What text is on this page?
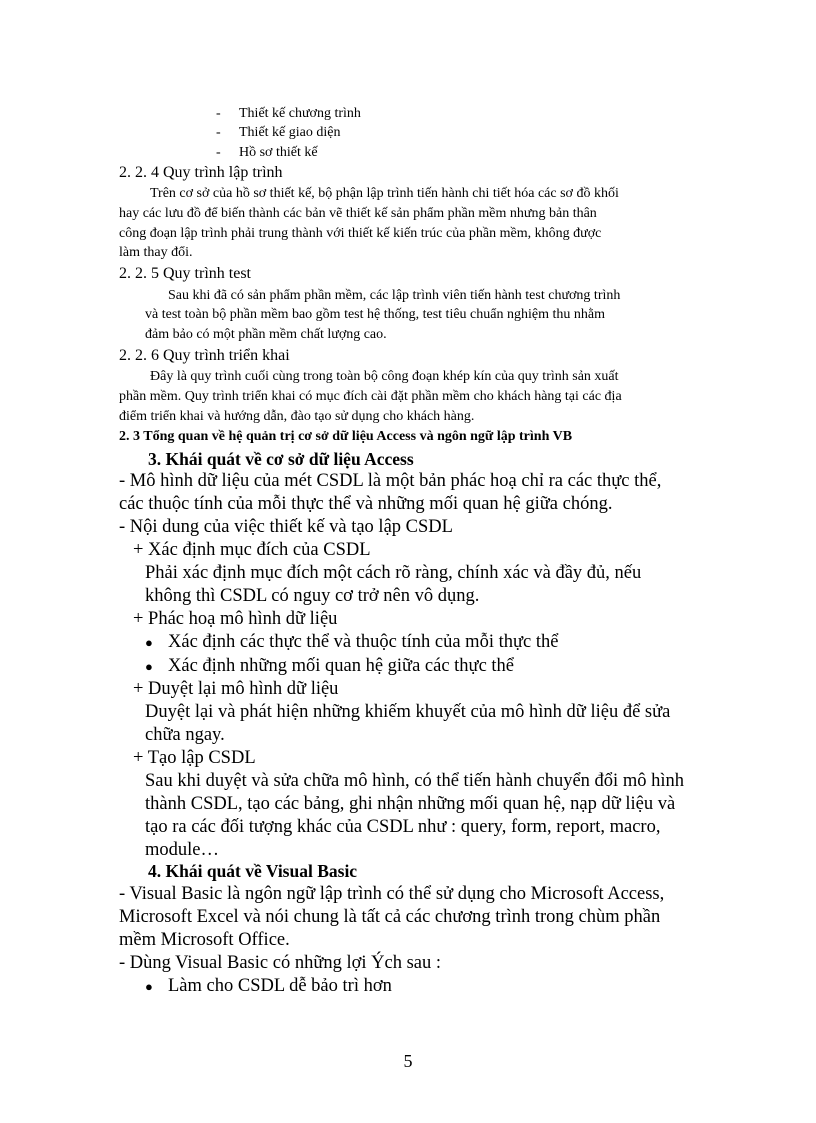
- Thiết kế chương trình
- Thiết kế giao diện
- Hồ sơ thiết kế
2. 2. 4 Quy trình lập trình
Trên cơ sở của hồ sơ thiết kế, bộ phận lập trình tiến hành chi tiết hóa các sơ đồ khối
hay các lưu đồ để biến thành các bản vẽ thiết kế sản phẩm phần mềm nhưng bản thân
công đoạn lập trình phải trung thành với thiết kế kiến trúc của phần mềm, không được
làm thay đổi.
2. 2. 5 Quy trình test
Sau khi đã có sản phẩm phần mềm, các lập trình viên tiến hành test chương trình
và test toàn bộ phần mềm bao gồm test hệ thống, test tiêu chuẩn nghiệm thu nhằm
đảm bảo có một phần mềm chất lượng cao.
2. 2. 6 Quy trình triển khai
Đây là quy trình cuối cùng trong toàn bộ công đoạn khép kín của quy trình sản xuất
phần mềm. Quy trình triển khai có mục đích cài đặt phần mềm cho khách hàng tại các địa
điểm triển khai và hướng dẫn, đào tạo sử dụng cho khách hàng.
2. 3 Tổng quan về hệ quản trị cơ sở dữ liệu Access và ngôn ngữ lập trình VB
3. Khái quát về cơ sở dữ liệu Access
- Mô hình dữ liệu của mét CSDL là một bản phác hoạ chỉ ra các thực thể,
các thuộc tính của mỗi thực thể và những mối quan hệ giữa chóng.
- Nội dung của việc thiết kế và tạo lập CSDL
+ Xác định mục đích của CSDL
Phải xác định mục đích một cách rõ ràng, chính xác và đầy đủ, nếu
không thì CSDL có nguy cơ trở nên vô dụng.
+ Phác hoạ mô hình dữ liệu
● Xác định các thực thể và thuộc tính của mỗi thực thể
● Xác định những mối quan hệ giữa các thực thể
+ Duyệt lại mô hình dữ liệu
Duyệt lại và phát hiện những khiếm khuyết của mô hình dữ liệu để sửa
chữa ngay.
+ Tạo lập CSDL
Sau khi duyệt và sửa chữa mô hình, có thể tiến hành chuyển đổi mô hình
thành CSDL, tạo các bảng, ghi nhận những mối quan hệ, nạp dữ liệu và
tạo ra các đối tượng khác của CSDL như : query, form, report, macro,
module…
4. Khái quát về Visual Basic
- Visual Basic là ngôn ngữ lập trình có thể sử dụng cho Microsoft Access,
Microsoft Excel và nói chung là tất cả các chương trình trong chùm phần
mềm Microsoft Office.
- Dùng Visual Basic có những lợi Ých sau :
● Làm cho CSDL dễ bảo trì hơn
5
